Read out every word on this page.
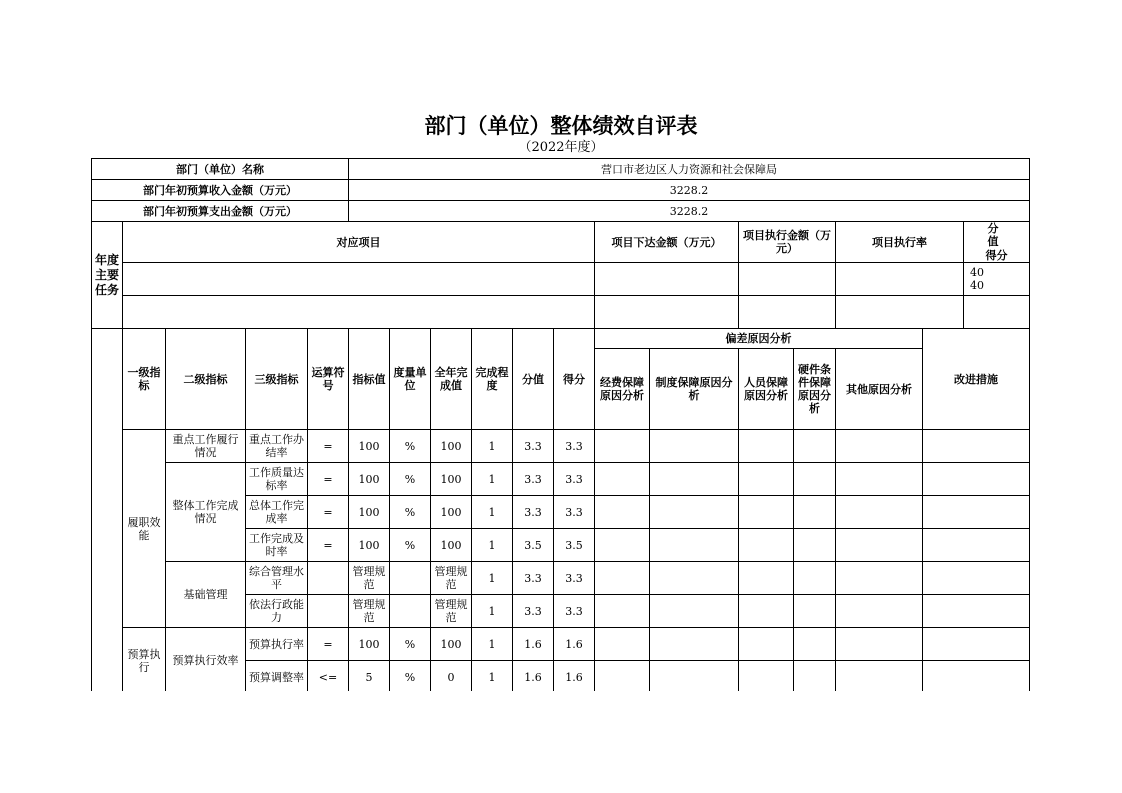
部门（单位）整体绩效自评表
（2022年度）
部门（单位）名称					营口市老边区人力资源和社会保障局												
部门年初预算收入金额（万元）					3228.2												
部门年初预算支出金额（万元）					3228.2												
年度主要任务	对应项目										项目下达金额（万元）		项目执行金额（万元）		项目执行率		分值 得分
																	40 40

	一级指标	二级指标	三级指标	运算符号	指标值	度量单位	全年完成值	完成程度	分值	得分	偏差原因分析					改进措施	
											经费保障原因分析	制度保障原因分析	人员保障原因分析	硬件条件保障原因分析	其他原因分析		
	履职效能	重点工作履行情况	重点工作办结率	=	100	%	100	1	3.3	3.3							
		整体工作完成情况	工作质量达标率	=	100	%	100	1	3.3	3.3							
			总体工作完成率	=	100	%	100	1	3.3	3.3							
			工作完成及时率	=	100	%	100	1	3.5	3.5							
		基础管理	综合管理水平		管理规范		管理规范	1	3.3	3.3							
			依法行政能力		管理规范		管理规范	1	3.3	3.3							
	预算执行	预算执行效率	预算执行率	=	100	%	100	1	1.6	1.6							
			预算调整率	<=	5	%	0	1	1.6	1.6							
